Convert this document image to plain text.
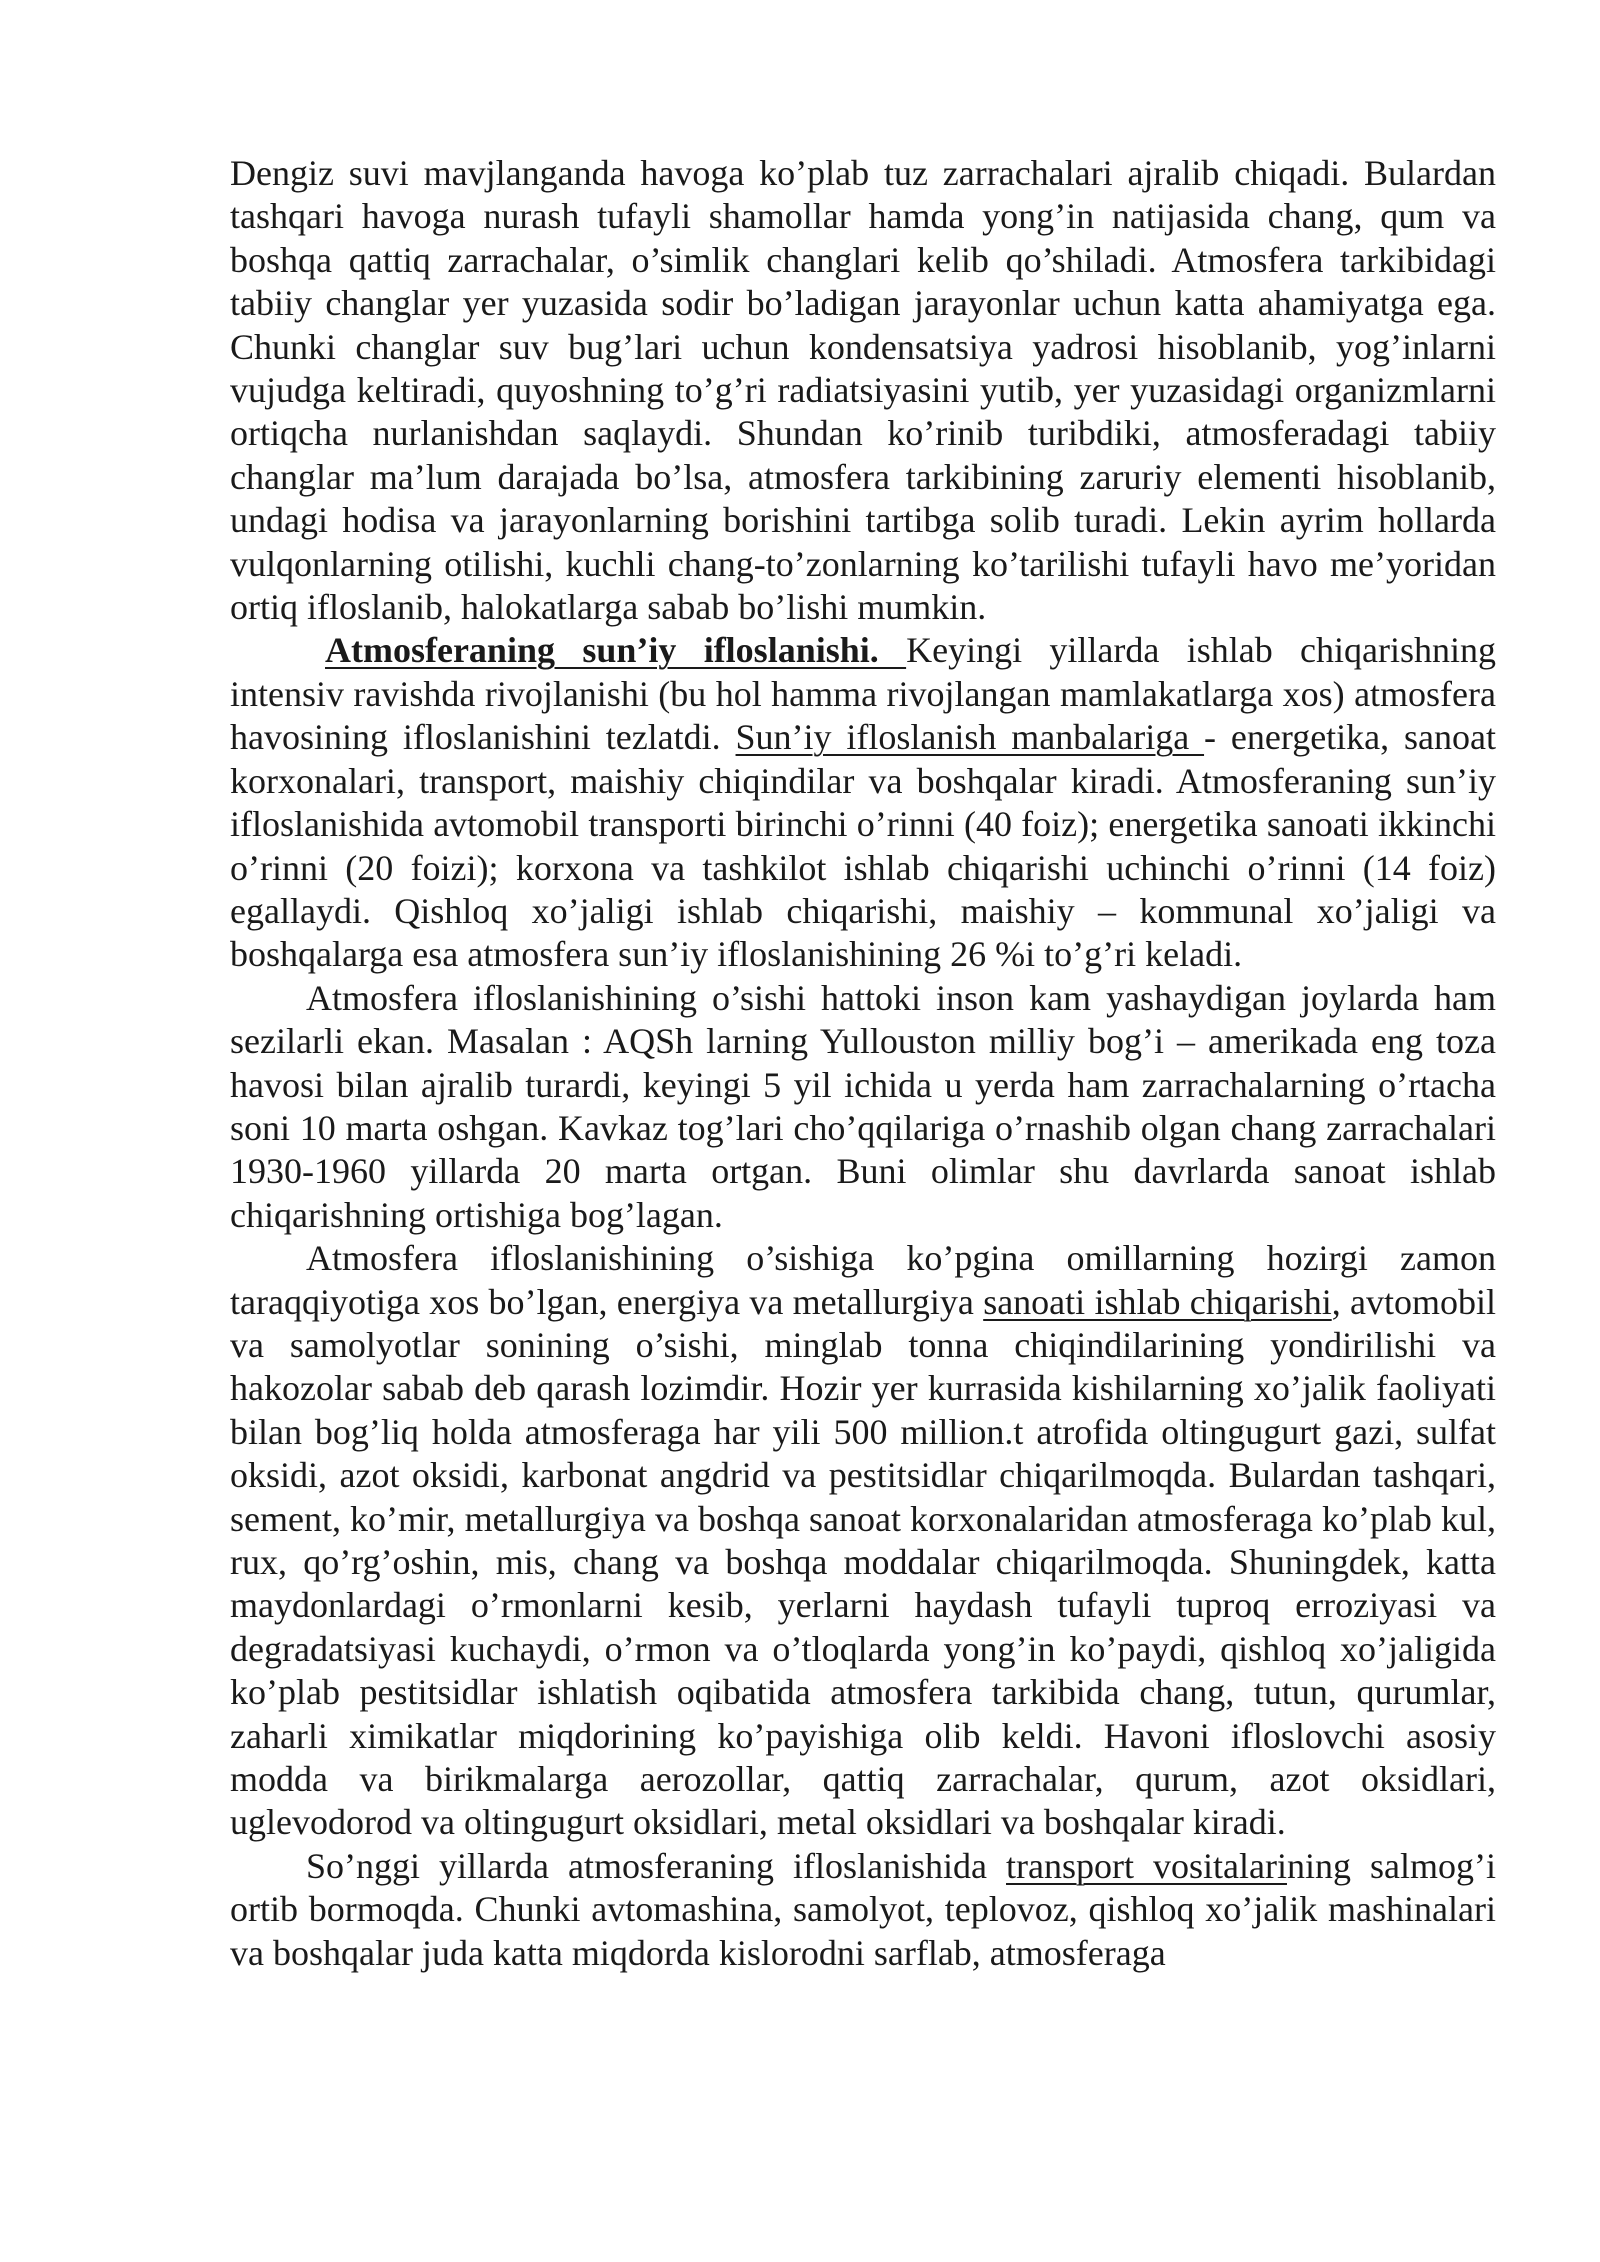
Dengiz suvi mavjlanganda havoga ko’plab tuz zarrachalari ajralib chiqadi. Bulardan tashqari havoga nurash tufayli shamollar hamda yong’in natijasida chang, qum va boshqa qattiq zarrachalar, o’simlik changlari kelib qo’shiladi. Atmosfera tarkibidagi tabiiy changlar yer yuzasida sodir bo’ladigan jarayonlar uchun katta ahamiyatga ega. Chunki changlar suv bug’lari uchun kondensatsiya yadrosi hisoblanib, yog’inlarni vujudga keltiradi, quyoshning to’g’ri radiatsiyasini yutib, yer yuzasidagi organizmlarni ortiqcha nurlanishdan saqlaydi. Shundan ko’rinib turibdiki, atmosferadagi tabiiy changlar ma’lum darajada bo’lsa, atmosfera tarkibining zaruriy elementi hisoblanib, undagi hodisa va jarayonlarning borishini tartibga solib turadi. Lekin ayrim hollarda vulqonlarning otilishi, kuchli chang-to’zonlarning ko’tarilishi tufayli havo me’yoridan ortiq ifloslanib, halokatlarga sabab bo’lishi mumkin.

Atmosferaning sun’iy ifloslanishi. Keyingi yillarda ishlab chiqarishning intensiv ravishda rivojlanishi (bu hol hamma rivojlangan mamlakatlarga xos) atmosfera havosining ifloslanishini tezlatdi. Sun’iy ifloslanish manbalariga - energetika, sanoat korxonalari, transport, maishiy chiqindilar va boshqalar kiradi. Atmosferaning sun’iy ifloslanishida avtomobil transporti birinchi o’rinni (40 foiz); energetika sanoati ikkinchi o’rinni (20 foizi); korxona va tashkilot ishlab chiqarishi uchinchi o’rinni (14 foiz) egallaydi. Qishloq xo’jaligi ishlab chiqarishi, maishiy – kommunal xo’jaligi va boshqalarga esa atmosfera sun’iy ifloslanishining 26 %i to’g’ri keladi.

Atmosfera ifloslanishining o’sishi hattoki inson kam yashaydigan joylarda ham sezilarli ekan. Masalan : AQSh larning Yullouston milliy bog’i – amerikada eng toza havosi bilan ajralib turardi, keyingi 5 yil ichida u yerda ham zarrachalarning o’rtacha soni 10 marta oshgan. Kavkaz tog’lari cho’qqilariga o’rnashib olgan chang zarrachalari 1930-1960 yillarda 20 marta ortgan. Buni olimlar shu davrlarda sanoat ishlab chiqarishning ortishiga bog’lagan.

Atmosfera ifloslanishining o’sishiga ko’pgina omillarning hozirgi zamon taraqqiyotiga xos bo’lgan, energiya va metallurgiya sanoati ishlab chiqarishi, avtomobil va samolyotlar sonining o’sishi, minglab tonna chiqindilarining yondirilishi va hakozolar sabab deb qarash lozimdir. Hozir yer kurrasida kishilarning xo’jalik faoliyati bilan bog’liq holda atmosferaga har yili 500 million.t atrofida oltingugurt gazi, sulfat oksidi, azot oksidi, karbonat angdrid va pestitsidlar chiqarilmoqda. Bulardan tashqari, sement, ko’mir, metallurgiya va boshqa sanoat korxonalaridan atmosferaga ko’plab kul, rux, qo’rg’oshin, mis, chang va boshqa moddalar chiqarilmoqda. Shuningdek, katta maydonlardagi o’rmonlarni kesib, yerlarni haydash tufayli tuproq erroziyasi va degradatsiyasi kuchaydi, o’rmon va o’tloqlarda yong’in ko’paydi, qishloq xo’jaligida ko’plab pestitsidlar ishlatish oqibatida atmosfera tarkibida chang, tutun, qurumlar, zaharli ximikatlar miqdorining ko’payishiga olib keldi. Havoni ifloslovchi asosiy modda va birikmalarga aerozollar, qattiq zarrachalar, qurum, azot oksidlari, uglevodorod va oltingugurt oksidlari, metal oksidlari va boshqalar kiradi.

So’nggi yillarda atmosferaning ifloslanishida transport vositalarining salmog’i ortib bormoqda. Chunki avtomashina, samolyot, teplovoz, qishloq xo’jalik mashinalari va boshqalar juda katta miqdorda kislorodni sarflab, atmosferaga
